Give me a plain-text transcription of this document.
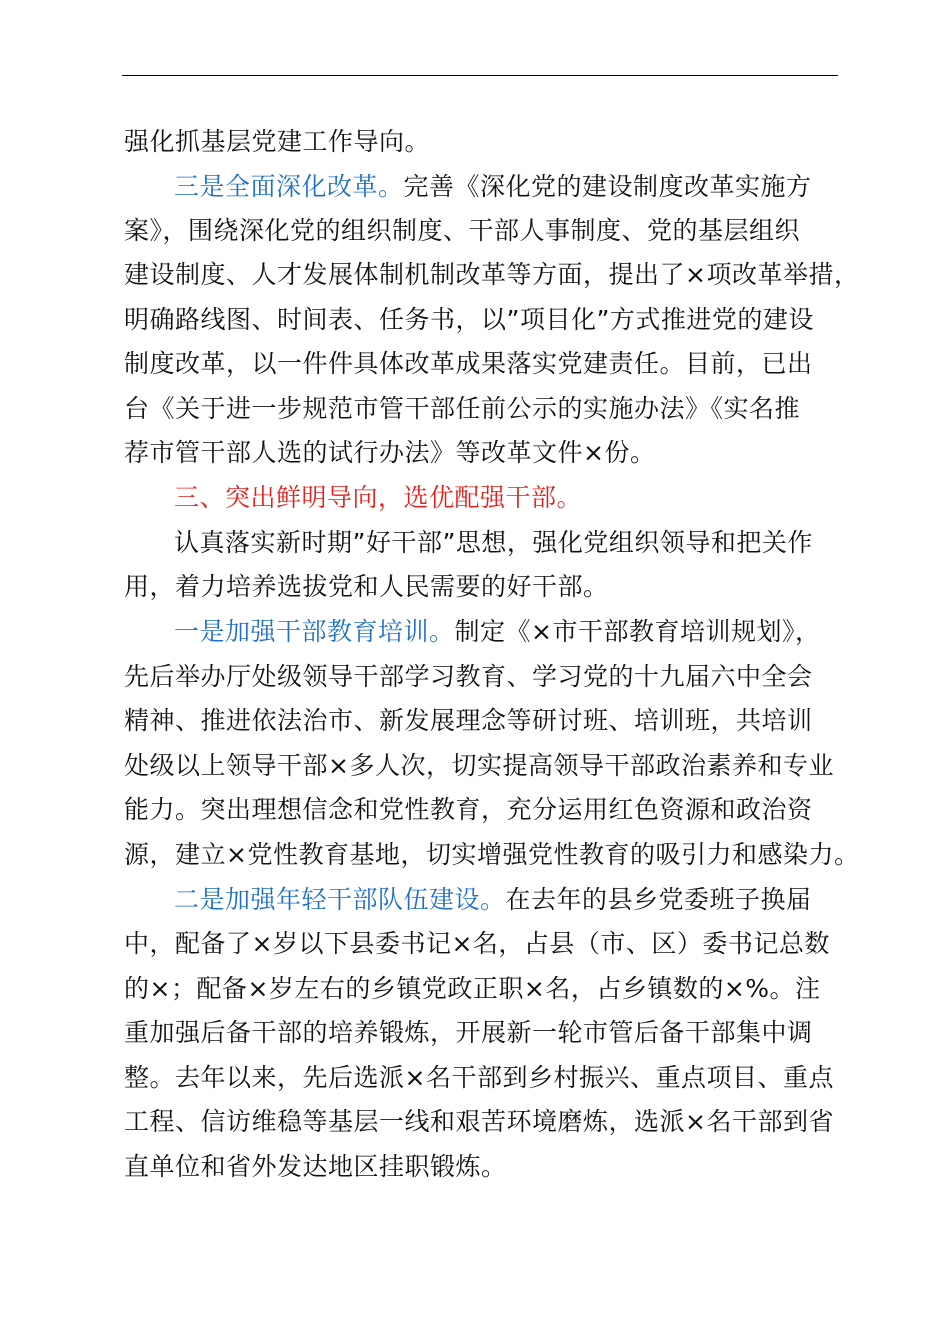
强化抓基层党建工作导向。
三是全面深化改革。完善《深化党的建设制度改革实施方
案》，围绕深化党的组织制度、干部人事制度、党的基层组织
建设制度、人才发展体制机制改革等方面，提出了×项改革举措，
明确路线图、时间表、任务书，以”项目化”方式推进党的建设
制度改革，以一件件具体改革成果落实党建责任。目前，已出
台《关于进一步规范市管干部任前公示的实施办法》《实名推
荐市管干部人选的试行办法》等改革文件×份。
三、突出鲜明导向，选优配强干部。
认真落实新时期”好干部”思想，强化党组织领导和把关作
用，着力培养选拔党和人民需要的好干部。
一是加强干部教育培训。制定《×市干部教育培训规划》，
先后举办厅处级领导干部学习教育、学习党的十九届六中全会
精神、推进依法治市、新发展理念等研讨班、培训班，共培训
处级以上领导干部×多人次，切实提高领导干部政治素养和专业
能力。突出理想信念和党性教育，充分运用红色资源和政治资
源，建立×党性教育基地，切实增强党性教育的吸引力和感染力。
二是加强年轻干部队伍建设。在去年的县乡党委班子换届
中，配备了×岁以下县委书记×名，占县（市、区）委书记总数
的×；配备×岁左右的乡镇党政正职×名，占乡镇数的×%。注
重加强后备干部的培养锻炼，开展新一轮市管后备干部集中调
整。去年以来，先后选派×名干部到乡村振兴、重点项目、重点
工程、信访维稳等基层一线和艰苦环境磨炼，选派×名干部到省
直单位和省外发达地区挂职锻炼。
